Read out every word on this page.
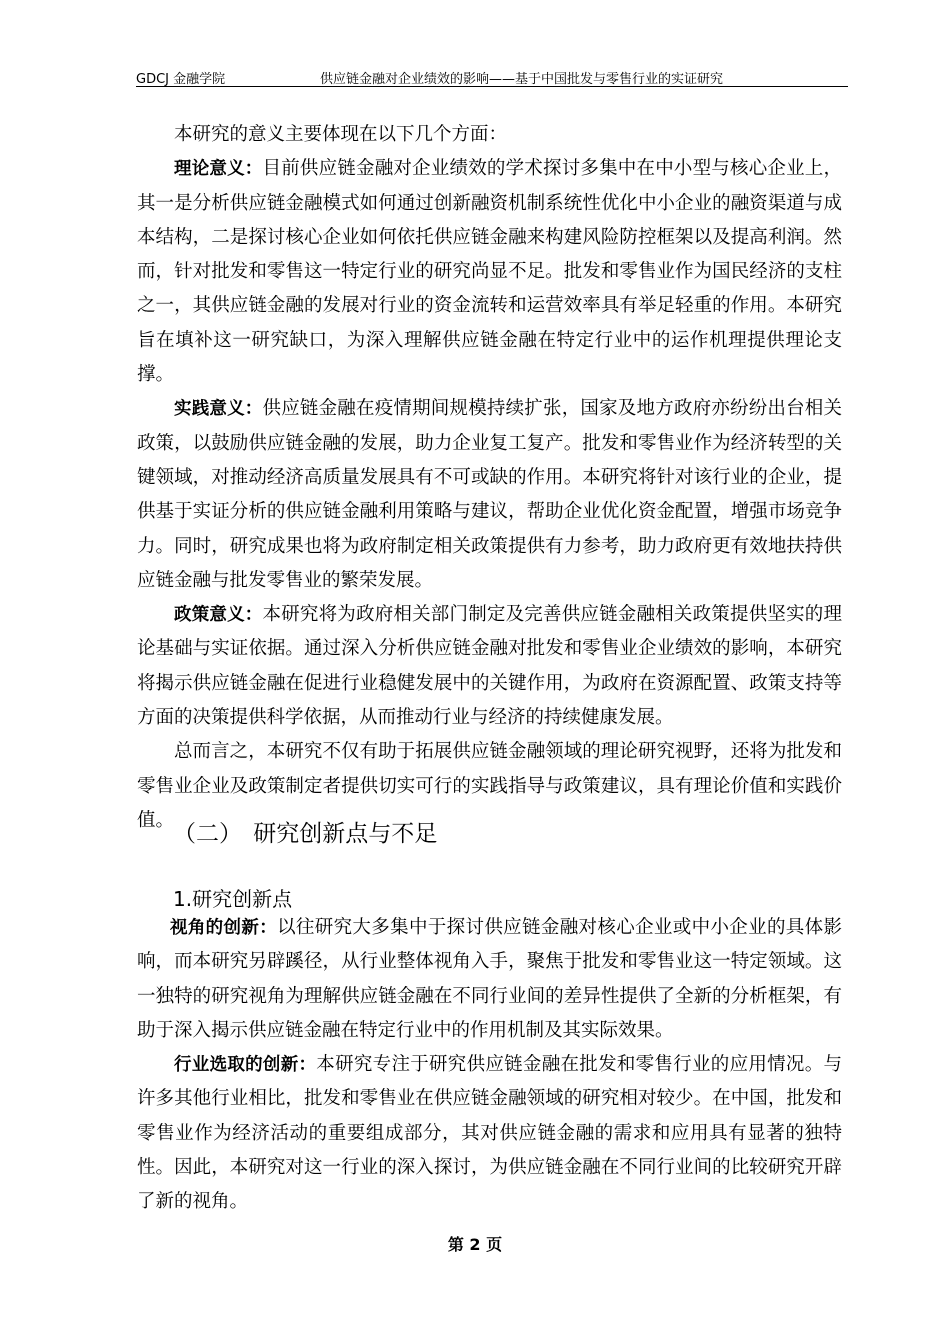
GDCJ 金融学院	供应链金融对企业绩效的影响——基于中国批发与零售行业的实证研究

本研究的意义主要体现在以下几个方面：

理论意义：目前供应链金融对企业绩效的学术探讨多集中在中小型与核心企业上，其一是分析供应链金融模式如何通过创新融资机制系统性优化中小企业的融资渠道与成本结构，二是探讨核心企业如何依托供应链金融来构建风险防控框架以及提高利润。然而，针对批发和零售这一特定行业的研究尚显不足。批发和零售业作为国民经济的支柱之一，其供应链金融的发展对行业的资金流转和运营效率具有举足轻重的作用。本研究旨在填补这一研究缺口，为深入理解供应链金融在特定行业中的运作机理提供理论支撑。

实践意义：供应链金融在疫情期间规模持续扩张，国家及地方政府亦纷纷出台相关政策，以鼓励供应链金融的发展，助力企业复工复产。批发和零售业作为经济转型的关键领域，对推动经济高质量发展具有不可或缺的作用。本研究将针对该行业的企业，提供基于实证分析的供应链金融利用策略与建议，帮助企业优化资金配置，增强市场竞争力。同时，研究成果也将为政府制定相关政策提供有力参考，助力政府更有效地扶持供应链金融与批发零售业的繁荣发展。

政策意义：本研究将为政府相关部门制定及完善供应链金融相关政策提供坚实的理论基础与实证依据。通过深入分析供应链金融对批发和零售业企业绩效的影响，本研究将揭示供应链金融在促进行业稳健发展中的关键作用，为政府在资源配置、政策支持等方面的决策提供科学依据，从而推动行业与经济的持续健康发展。

总而言之，本研究不仅有助于拓展供应链金融领域的理论研究视野，还将为批发和零售业企业及政策制定者提供切实可行的实践指导与政策建议，具有理论价值和实践价值。

（二） 研究创新点与不足
1.研究创新点

视角的创新：以往研究大多集中于探讨供应链金融对核心企业或中小企业的具体影响，而本研究另辟蹊径，从行业整体视角入手，聚焦于批发和零售业这一特定领域。这一独特的研究视角为理解供应链金融在不同行业间的差异性提供了全新的分析框架，有助于深入揭示供应链金融在特定行业中的作用机制及其实际效果。

行业选取的创新：本研究专注于研究供应链金融在批发和零售行业的应用情况。与许多其他行业相比，批发和零售业在供应链金融领域的研究相对较少。在中国，批发和零售业作为经济活动的重要组成部分，其对供应链金融的需求和应用具有显著的独特性。因此，本研究对这一行业的深入探讨，为供应链金融在不同行业间的比较研究开辟了新的视角。

第 2 页
